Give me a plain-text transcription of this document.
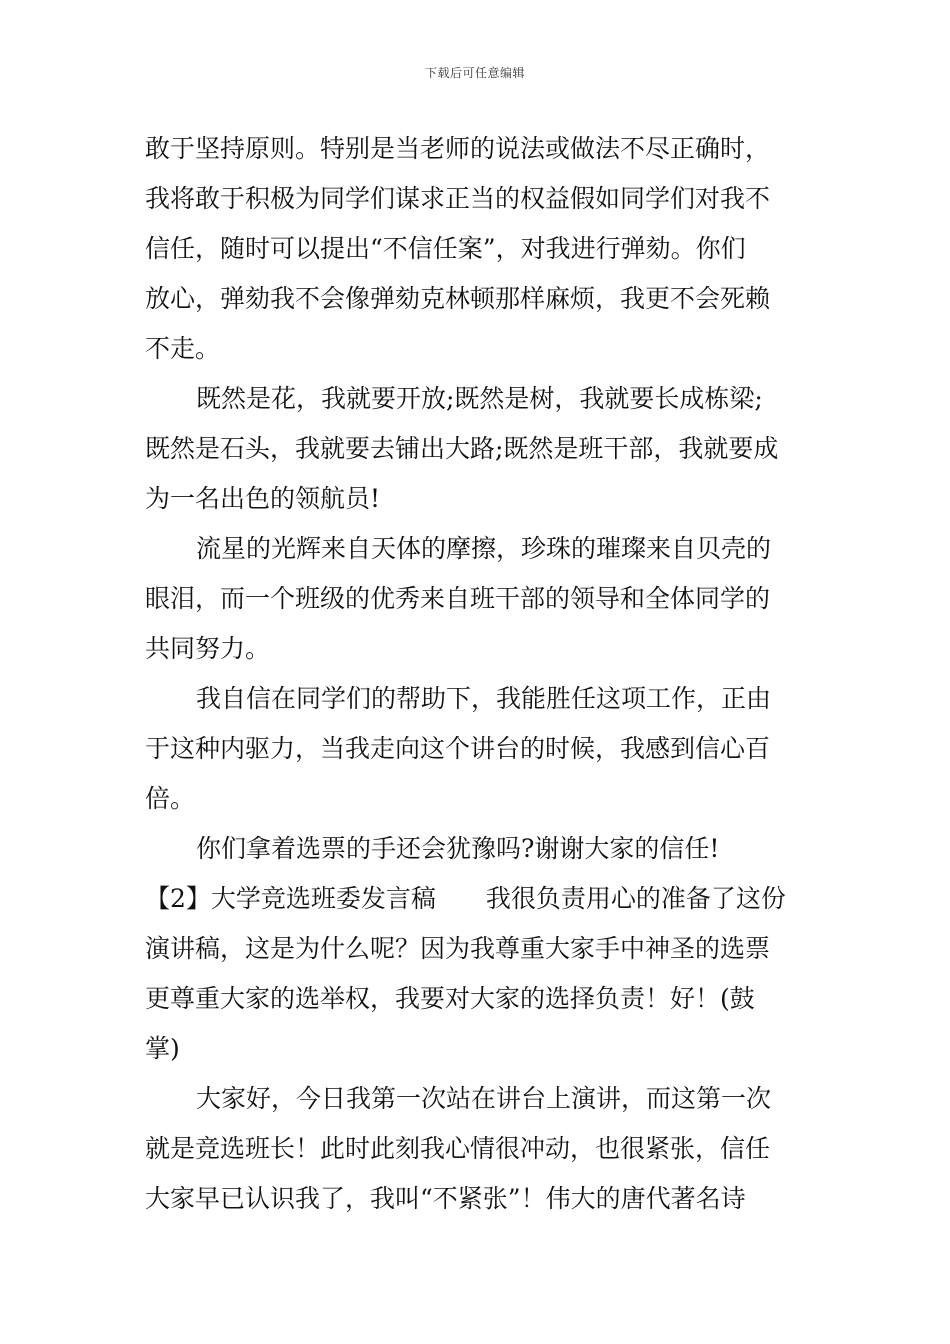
下载后可任意编辑
敢于坚持原则。特别是当老师的说法或做法不尽正确时，
我将敢于积极为同学们谋求正当的权益假如同学们对我不
信任，随时可以提出“不信任案”，对我进行弹劾。你们
放心，弹劾我不会像弹劾克林顿那样麻烦，我更不会死赖
不走。
既然是花，我就要开放;既然是树，我就要长成栋梁;
既然是石头，我就要去铺出大路;既然是班干部，我就要成
为一名出色的领航员!
流星的光辉来自天体的摩擦，珍珠的璀璨来自贝壳的
眼泪，而一个班级的优秀来自班干部的领导和全体同学的
共同努力。
我自信在同学们的帮助下，我能胜任这项工作，正由
于这种内驱力，当我走向这个讲台的时候，我感到信心百
倍。
你们拿着选票的手还会犹豫吗?谢谢大家的信任!
【2】大学竞选班委发言稿　　我很负责用心的准备了这份
演讲稿，这是为什么呢？因为我尊重大家手中神圣的选票
更尊重大家的选举权，我要对大家的选择负责！好！(鼓
掌)
大家好，今日我第一次站在讲台上演讲，而这第一次
就是竞选班长！此时此刻我心情很冲动，也很紧张，信任
大家早已认识我了，我叫“不紧张”！伟大的唐代著名诗
